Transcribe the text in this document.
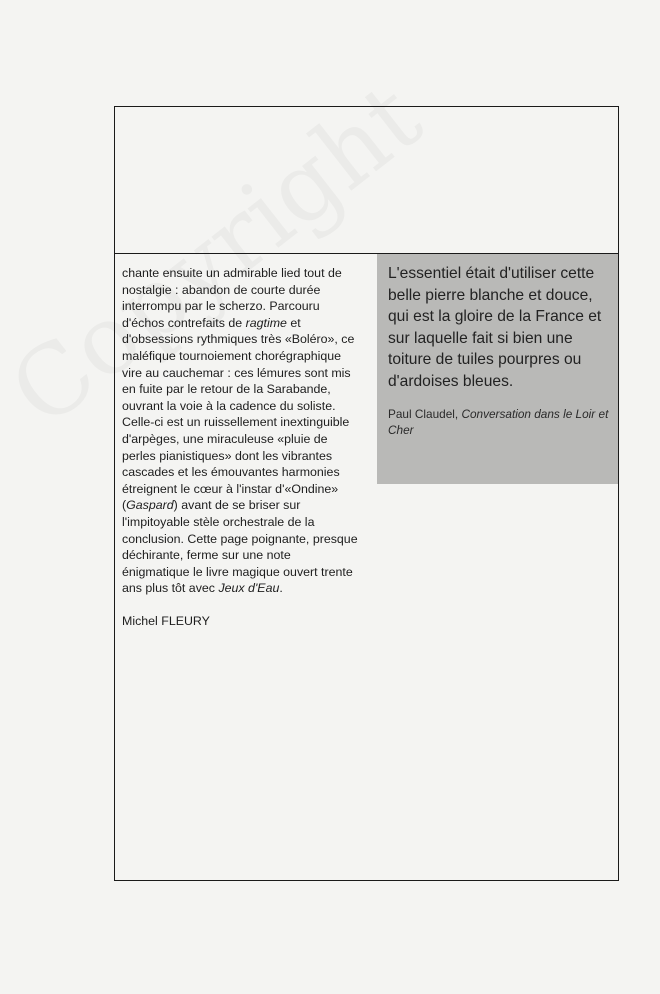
chante ensuite un admirable lied tout de nostalgie : abandon de courte durée interrompu par le scherzo. Parcouru d'échos contrefaits de ragtime et d'obsessions rythmiques très «Boléro», ce maléfique tournoiement chorégraphique vire au cauchemar : ces lémures sont mis en fuite par le retour de la Sarabande, ouvrant la voie à la cadence du soliste. Celle-ci est un ruissellement inextinguible d'arpèges, une miraculeuse «pluie de perles pianistiques» dont les vibrantes cascades et les émouvantes harmonies étreignent le cœur à l'instar d'«Ondine» (Gaspard) avant de se briser sur l'impitoyable stèle orchestrale de la conclusion. Cette page poignante, presque déchirante, ferme sur une note énigmatique le livre magique ouvert trente ans plus tôt avec Jeux d'Eau.

Michel FLEURY

L'essentiel était d'utiliser cette belle pierre blanche et douce, qui est la gloire de la France et sur laquelle fait si bien une toiture de tuiles pourpres ou d'ardoises bleues.

Paul Claudel, Conversation dans le Loir et Cher
